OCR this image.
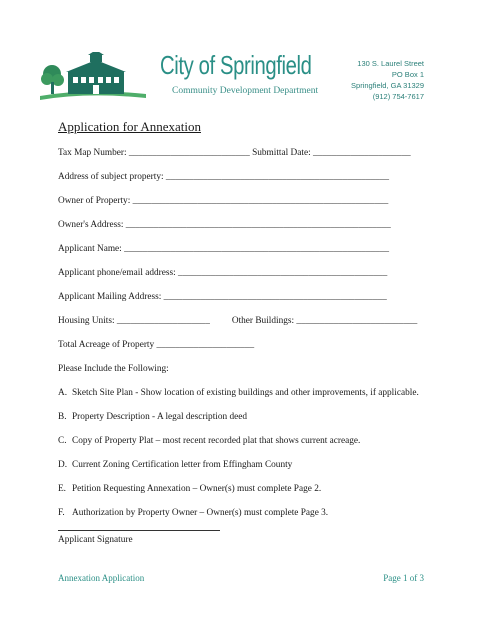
City of Springfield
Community Development Department
130 S. Laurel Street
PO Box 1
Springfield, GA 31329
(912) 754-7617
Application for Annexation
Tax Map Number: __________________________ Submittal Date: _____________________
Address of subject property: ________________________________________________
Owner of Property: _______________________________________________________
Owner's Address: _________________________________________________________
Applicant Name: _________________________________________________________
Applicant phone/email address: _____________________________________________
Applicant Mailing Address: ________________________________________________
Housing Units: ____________________ Other Buildings: __________________________
Total Acreage of Property _____________________
Please Include the Following:
A. Sketch Site Plan - Show location of existing buildings and other improvements, if applicable.
B. Property Description - A legal description deed
C. Copy of Property Plat – most recent recorded plat that shows current acreage.
D. Current Zoning Certification letter from Effingham County
E. Petition Requesting Annexation – Owner(s) must complete Page 2.
F. Authorization by Property Owner – Owner(s) must complete Page 3.
Applicant Signature
Annexation Application	Page 1 of 3
